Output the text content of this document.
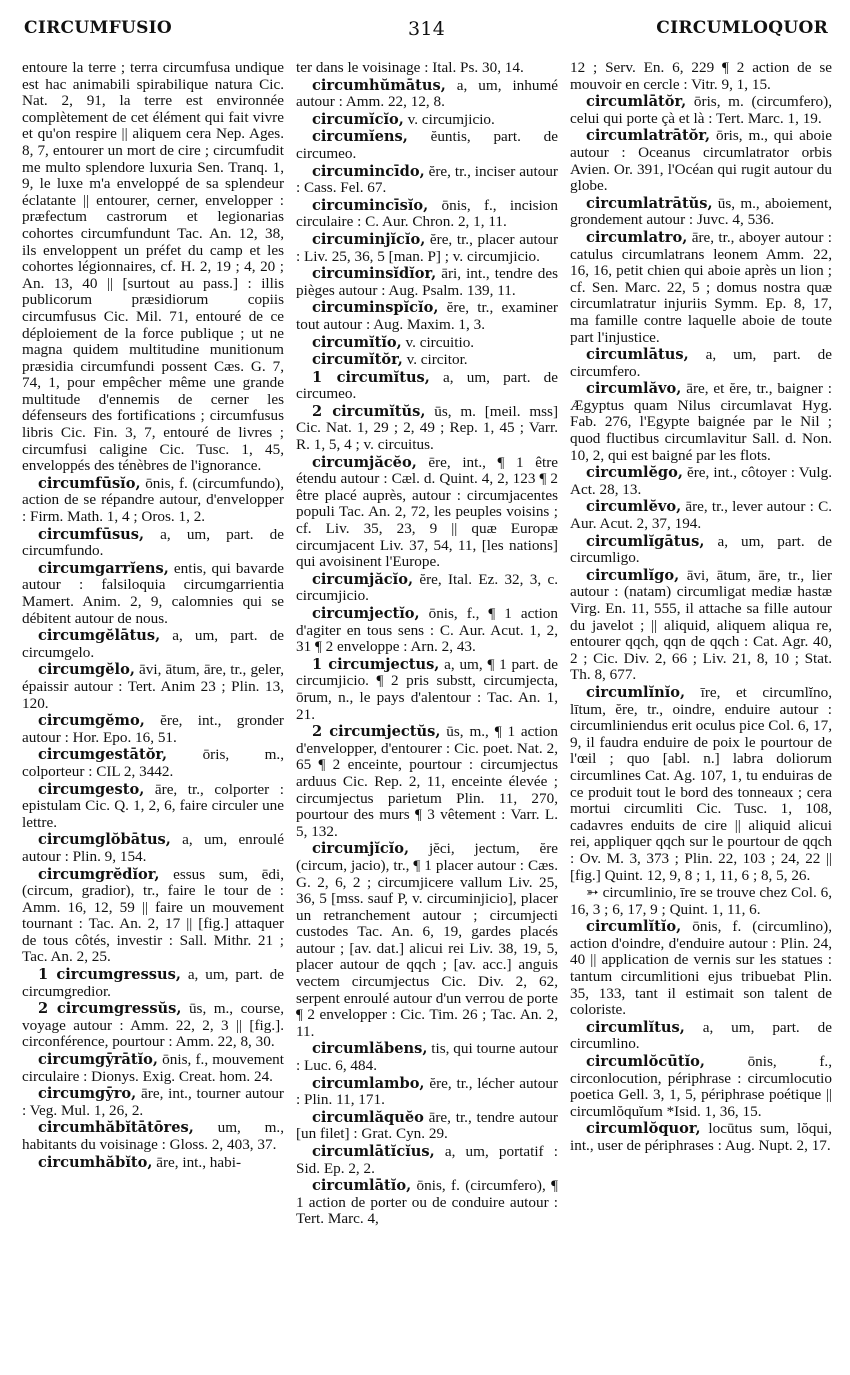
CIRCUMFUSIO	314	CIRCUMLOQUOR

entoure la terre ; terra circumfusa undique est hac animabili spirabilique natura Cic. Nat. 2, 91, la terre est environnée complètement de cet élément qui fait vivre et qu'on respire || aliquem cera Nep. Ages. 8, 7, entourer un mort de cire ; circumfudit me multo splendore luxuria Sen. Tranq. 1, 9, le luxe m'a enveloppé de sa splendeur éclatante || entourer, cerner, envelopper : præfectum castrorum et legionarias cohortes circumfundunt Tac. An. 12, 38, ils enveloppent un préfet du camp et les cohortes légionnaires, cf. H. 2, 19 ; 4, 20 ; An. 13, 40 || [surtout au pass.] : illis publicorum præsidiorum copiis circumfusus Cic. Mil. 71, entouré de ce déploiement de la force publique ; ut ne magna quidem multitudine munitionum præsidia circumfundi possent Cæs. G. 7, 74, 1, pour empêcher même une grande multitude d'ennemis de cerner les défenseurs des fortifications ; circumfusus libris Cic. Fin. 3, 7, entouré de livres ; circumfusi caligine Cic. Tusc. 1, 45, enveloppés des ténèbres de l'ignorance.

circumfūsĭo, ōnis, f. (circumfundo), action de se répandre autour, d'envelopper : Firm. Math. 1, 4 ; Oros. 1, 2.

circumfūsus, a, um, part. de circumfundo.

circumgarrĭens, entis, qui bavarde autour : falsiloquia circumgarrientia Mamert. Anim. 2, 9, calomnies qui se débitent autour de nous.

circumgĕlātus, a, um, part. de circumgelo.

circumgĕlo, āvi, ātum, āre, tr., geler, épaissir autour : Tert. Anim 23 ; Plin. 13, 120.

circumgĕmo, ĕre, int., gronder autour : Hor. Epo. 16, 51.

circumgestātŏr, ōris, m., colporteur : CIL 2, 3442.

circumgesto, āre, tr., colporter : epistulam Cic. Q. 1, 2, 6, faire circuler une lettre.

circumglŏbātus, a, um, enroulé autour : Plin. 9, 154.

circumgrĕdĭor, essus sum, ēdi, (circum, gradior), tr., faire le tour de : Amm. 16, 12, 59 || faire un mouvement tournant : Tac. An. 2, 17 || [fig.] attaquer de tous côtés, investir : Sall. Mithr. 21 ; Tac. An. 2, 25.

1 circumgressus, a, um, part. de circumgredior.

2 circumgressŭs, ūs, m., course, voyage autour : Amm. 22, 2, 3 || [fig.]. circonférence, pourtour : Amm. 22, 8, 30.

circumgȳrātĭo, ōnis, f., mouvement circulaire : Dionys. Exig. Creat. hom. 24.

circumgȳro, āre, int., tourner autour : Veg. Mul. 1, 26, 2.

circumhăbĭtātōres, um, m., habitants du voisinage : Gloss. 2, 403, 37.

circumhăbĭto, āre, int., habi-

ter dans le voisinage : Ital. Ps. 30, 14.

circumhŭmātus, a, um, inhumé autour : Amm. 22, 12, 8.

circumĭcĭo, v. circumjicio.

circumĭens, ĕuntis, part. de circumeo.

circumincīdo, ĕre, tr., inciser autour : Cass. Fel. 67.

circumincīsĭo, ōnis, f., incision circulaire : C. Aur. Chron. 2, 1, 11.

circuminjĭcĭo, ĕre, tr., placer autour : Liv. 25, 36, 5 [man. P] ; v. circumjicio.

circuminsĭdĭor, āri, int., tendre des pièges autour : Aug. Psalm. 139, 11.

circuminspĭcĭo, ĕre, tr., examiner tout autour : Aug. Maxim. 1, 3.

circumĭtĭo, v. circuitio.

circumĭtŏr, v. circitor.

1 circumĭtus, a, um, part. de circumeo.

2 circumĭtŭs, ūs, m. [meil. mss] Cic. Nat. 1, 29 ; 2, 49 ; Rep. 1, 45 ; Varr. R. 1, 5, 4 ; v. circuitus.

circumjăcĕo, ēre, int., ¶ 1 être étendu autour : Cæl. d. Quint. 4, 2, 123 ¶ 2 être placé auprès, autour : circumjacentes populi Tac. An. 2, 72, les peuples voisins ; cf. Liv. 35, 23, 9 || quæ Europæ circumjacent Liv. 37, 54, 11, [les nations] qui avoisinent l'Europe.

circumjăcĭo, ĕre, Ital. Ez. 32, 3, c. circumjicio.

circumjectĭo, ōnis, f., ¶ 1 action d'agiter en tous sens : C. Aur. Acut. 1, 2, 31 ¶ 2 enveloppe : Arn. 2, 43.

1 circumjectus, a, um, ¶ 1 part. de circumjicio. ¶ 2 pris substt, circumjecta, ōrum, n., le pays d'alentour : Tac. An. 1, 21.

2 circumjectŭs, ūs, m., ¶ 1 action d'envelopper, d'entourer : Cic. poet. Nat. 2, 65 ¶ 2 enceinte, pourtour : circumjectus arduus Cic. Rep. 2, 11, enceinte élevée ; circumjectus parietum Plin. 11, 270, pourtour des murs ¶ 3 vêtement : Varr. L. 5, 132.

circumjĭcĭo, jĕci, jectum, ĕre (circum, jacio), tr., ¶ 1 placer autour : Cæs. G. 2, 6, 2 ; circumjicere vallum Liv. 25, 36, 5 [mss. sauf P, v. circuminjicio], placer un retranchement autour ; circumjecti custodes Tac. An. 6, 19, gardes placés autour ; [av. dat.] alicui rei Liv. 38, 19, 5, placer autour de qqch ; [av. acc.] anguis vectem circumjectus Cic. Div. 2, 62, serpent enroulé autour d'un verrou de porte ¶ 2 envelopper : Cic. Tim. 26 ; Tac. An. 2, 11.

circumlăbens, tis, qui tourne autour : Luc. 6, 484.

circumlambo, ĕre, tr., lécher autour : Plin. 11, 171.

circumlăquĕo āre, tr., tendre autour [un filet] : Grat. Cyn. 29.

circumlātĭcĭus, a, um, portatif : Sid. Ep. 2, 2.

circumlātĭo, ōnis, f. (circumfero), ¶ 1 action de porter ou de conduire autour : Tert. Marc. 4,

12 ; Serv. En. 6, 229 ¶ 2 action de se mouvoir en cercle : Vitr. 9, 1, 15.

circumlātŏr, ōris, m. (circumfero), celui qui porte çà et là : Tert. Marc. 1, 19.

circumlatrātŏr, ōris, m., qui aboie autour : Oceanus circumlatrator orbis Avien. Or. 391, l'Océan qui rugit autour du globe.

circumlatrātŭs, ūs, m., aboiement, grondement autour : Juvc. 4, 536.

circumlatro, āre, tr., aboyer autour : catulus circumlatrans leonem Amm. 22, 16, 16, petit chien qui aboie après un lion ; cf. Sen. Marc. 22, 5 ; domus nostra quæ circumlatratur injuriis Symm. Ep. 8, 17, ma famille contre laquelle aboie de toute part l'injustice.

circumlātus, a, um, part. de circumfero.

circumlăvo, āre, et ĕre, tr., baigner : Ægyptus quam Nilus circumlavat Hyg. Fab. 276, l'Egypte baignée par le Nil ; quod fluctibus circumlavitur Sall. d. Non. 10, 2, qui est baigné par les flots.

circumlĕgo, ĕre, int., côtoyer : Vulg. Act. 28, 13.

circumlĕvo, āre, tr., lever autour : C. Aur. Acut. 2, 37, 194.

circumlĭgātus, a, um, part. de circumligo.

circumlĭgo, āvi, ātum, āre, tr., lier autour : (natam) circumligat mediæ hastæ Virg. En. 11, 555, il attache sa fille autour du javelot ; || aliquid, aliquem aliqua re, entourer qqch, qqn de qqch : Cat. Agr. 40, 2 ; Cic. Div. 2, 66 ; Liv. 21, 8, 10 ; Stat. Th. 8, 677.

circumlĭnĭo, īre, et circumlĭno, lītum, ĕre, tr., oindre, enduire autour : circumliniendus erit oculus pice Col. 6, 17, 9, il faudra enduire de poix le pourtour de l'œil ; quo [abl. n.] labra doliorum circumlines Cat. Ag. 107, 1, tu enduiras de ce produit tout le bord des tonneaux ; cera mortui circumliti Cic. Tusc. 1, 108, cadavres enduits de cire || aliquid alicui rei, appliquer qqch sur le pourtour de qqch : Ov. M. 3, 373 ; Plin. 22, 103 ; 24, 22 || [fig.] Quint. 12, 9, 8 ; 1, 11, 6 ; 8, 5, 26.

➳ circumlinio, īre se trouve chez Col. 6, 16, 3 ; 6, 17, 9 ; Quint. 1, 11, 6.

circumlĭtĭo, ōnis, f. (circumlino), action d'oindre, d'enduire autour : Plin. 24, 40 || application de vernis sur les statues : tantum circumlitioni ejus tribuebat Plin. 35, 133, tant il estimait son talent de coloriste.

circumlĭtus, a, um, part. de circumlino.

circumlŏcūtĭo, ōnis, f., circonlocution, périphrase : circumlocutio poetica Gell. 3, 1, 5, périphrase poétique || circumlŏquĭum *Isid. 1, 36, 15.

circumlŏquor, locūtus sum, lŏqui, int., user de périphrases : Aug. Nupt. 2, 17.
